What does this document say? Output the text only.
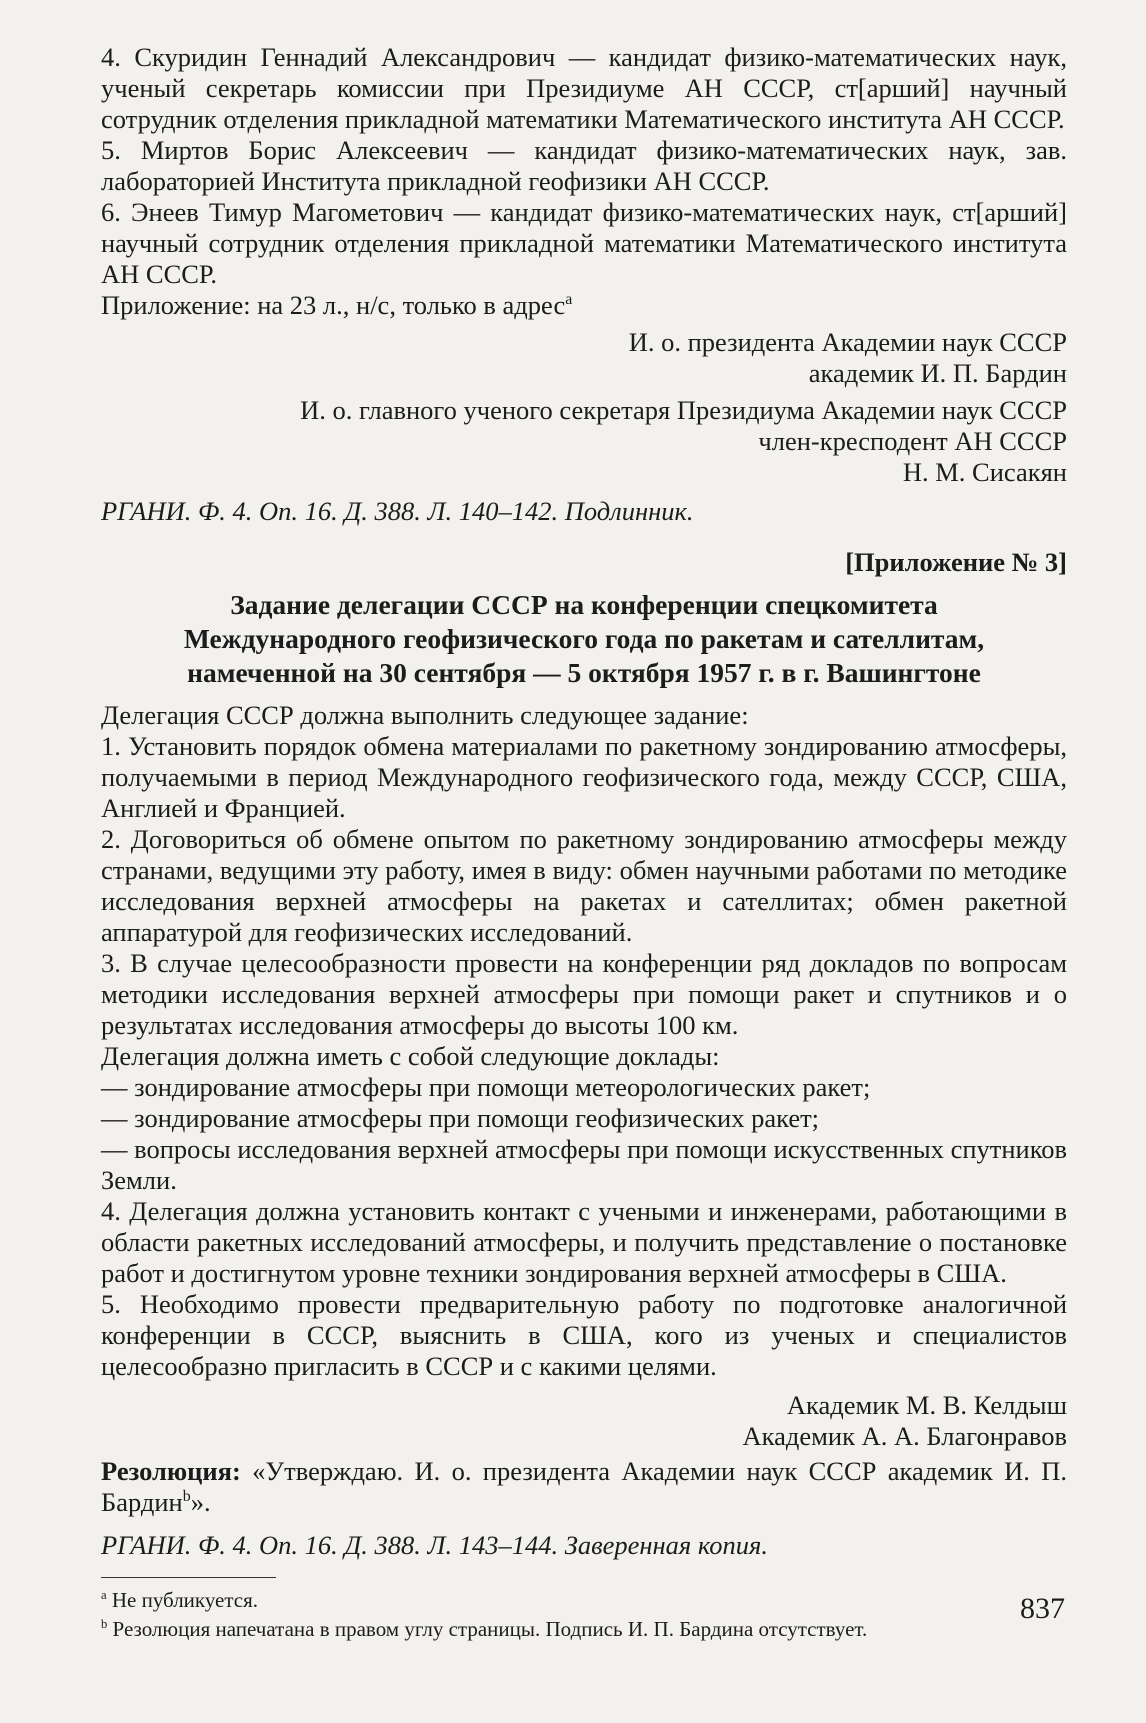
4. Скуридин Геннадий Александрович — кандидат физико-математических наук, ученый секретарь комиссии при Президиуме АН СССР, ст[арший] научный сотрудник отделения прикладной математики Математического института АН СССР.

5. Миртов Борис Алексеевич — кандидат физико-математических наук, зав. лабораторией Института прикладной геофизики АН СССР.

6. Энеев Тимур Магометович — кандидат физико-математических наук, ст[арший] научный сотрудник отделения прикладной математики Математического института АН СССР.

Приложение: на 23 л., н/с, только в адрес$^a$

И. о. президента Академии наук СССР

академик И. П. Бардин

И. о. главного ученого секретаря Президиума Академии наук СССР

член-кресподент АН СССР

Н. М. Сисакян

РГАНИ. Ф. 4. Оп. 16. Д. 388. Л. 140–142. Подлинник.

[Приложение № 3]

Задание делегации СССР на конференции спецкомитета
Международного геофизического года по ракетам и сателлитам,
намеченной на 30 сентября — 5 октября 1957 г. в г. Вашингтоне

Делегация СССР должна выполнить следующее задание:

1. Установить порядок обмена материалами по ракетному зондированию атмосферы, получаемыми в период Международного геофизического года, между СССР, США, Англией и Францией.

2. Договориться об обмене опытом по ракетному зондированию атмосферы между странами, ведущими эту работу, имея в виду: обмен научными работами по методике исследования верхней атмосферы на ракетах и сателлитах; обмен ракетной аппаратурой для геофизических исследований.

3. В случае целесообразности провести на конференции ряд докладов по вопросам методики исследования верхней атмосферы при помощи ракет и спутников и о результатах исследования атмосферы до высоты 100 км.

Делегация должна иметь с собой следующие доклады:

— зондирование атмосферы при помощи метеорологических ракет;

— зондирование атмосферы при помощи геофизических ракет;

— вопросы исследования верхней атмосферы при помощи искусственных спутников Земли.

4. Делегация должна установить контакт с учеными и инженерами, работающими в области ракетных исследований атмосферы, и получить представление о постановке работ и достигнутом уровне техники зондирования верхней атмосферы в США.

5. Необходимо провести предварительную работу по подготовке аналогичной конференции в СССР, выяснить в США, кого из ученых и специалистов целесообразно пригласить в СССР и с какими целями.

Академик М. В. Келдыш

Академик А. А. Благонравов

Резолюция: «Утверждаю. И. о. президента Академии наук СССР академик И. П. Бардин$^b$».

РГАНИ. Ф. 4. Оп. 16. Д. 388. Л. 143–144. Заверенная копия.

$^a$ Не публикуется.

$^b$ Резолюция напечатана в правом углу страницы. Подпись И. П. Бардина отсутствует.

837
